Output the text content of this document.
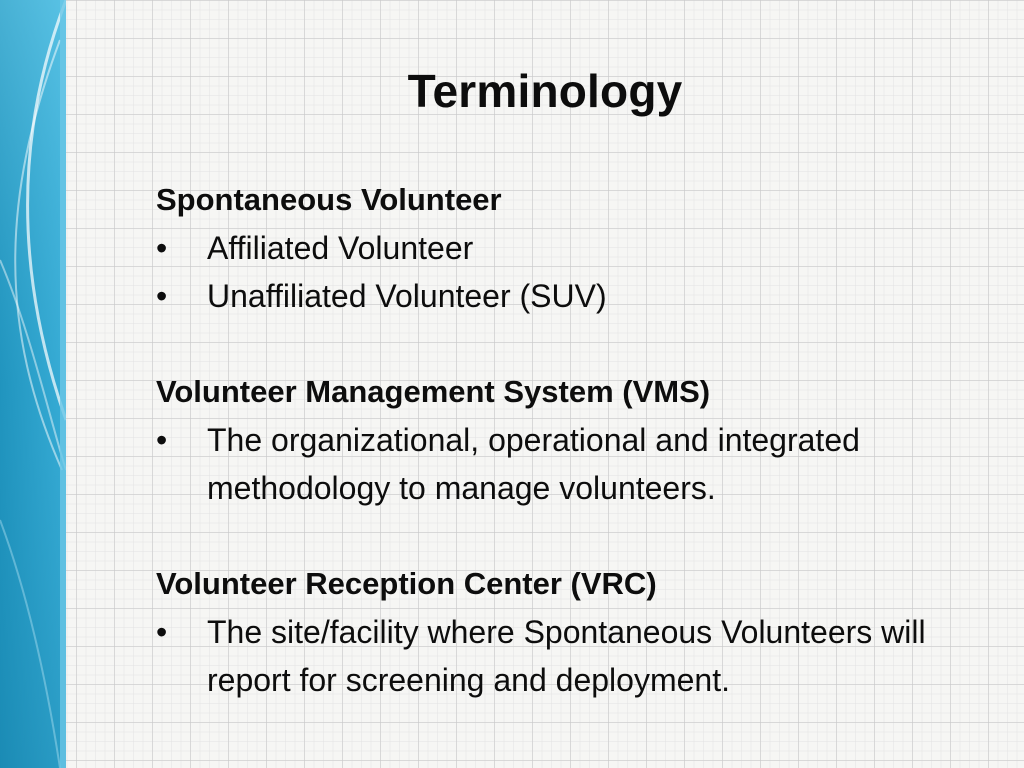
Terminology
Spontaneous Volunteer
•	Affiliated Volunteer
•	Unaffiliated Volunteer (SUV)
Volunteer Management System (VMS)
•	The organizational, operational and integrated methodology to manage volunteers.
Volunteer Reception Center (VRC)
•	The site/facility where Spontaneous Volunteers will report for screening and deployment.
